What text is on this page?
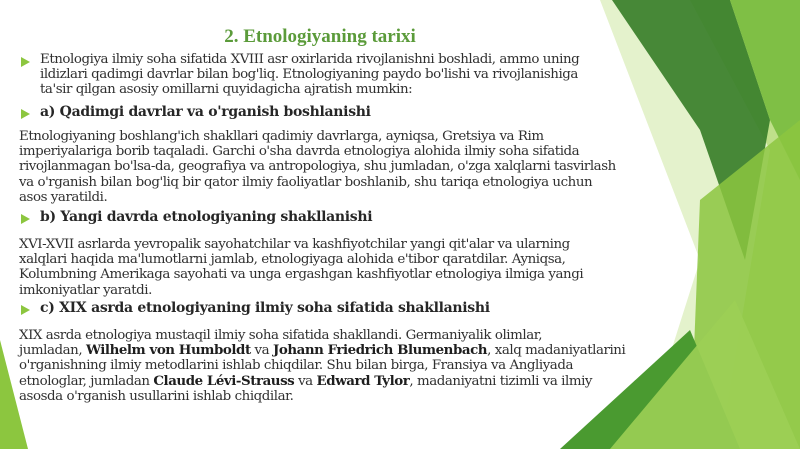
2. Etnologiyaning tarixi

Etnologiya ilmiy soha sifatida XVIII asr oxirlarida rivojlanishni boshladi, ammo uning
ildizlari qadimgi davrlar bilan bog'liq. Etnologiyaning paydo bo'lishi va rivojlanishiga
ta'sir qilgan asosiy omillarni quyidagicha ajratish mumkin:

a) Qadimgi davrlar va o'rganish boshlanishi

Etnologiyaning boshlang'ich shakllari qadimiy davrlarga, ayniqsa, Gretsiya va Rim
imperiyalariga borib taqaladi. Garchi o'sha davrda etnologiya alohida ilmiy soha sifatida
rivojlanmagan bo'lsa-da, geografiya va antropologiya, shu jumladan, o'zga xalqlarni tasvirlash
va o'rganish bilan bog'liq bir qator ilmiy faoliyatlar boshlanib, shu tariqa etnologiya uchun
asos yaratildi.

b) Yangi davrda etnologiyaning shakllanishi

XVI-XVII asrlarda yevropalik sayohatchilar va kashfiyotchilar yangi qit'alar va ularning
xalqlari haqida ma'lumotlarni jamlab, etnologiyaga alohida e'tibor qaratdilar. Ayniqsa,
Kolumbning Amerikaga sayohati va unga ergashgan kashfiyotlar etnologiya ilmiga yangi
imkoniyatlar yaratdi.

c) XIX asrda etnologiyaning ilmiy soha sifatida shakllanishi

XIX asrda etnologiya mustaqil ilmiy soha sifatida shakllandi. Germaniyalik olimlar,
jumladan, Wilhelm von Humboldt va Johann Friedrich Blumenbach, xalq madaniyatlarini
o'rganishning ilmiy metodlarini ishlab chiqdilar. Shu bilan birga, Fransiya va Angliyada
etnologlar, jumladan Claude Lévi-Strauss va Edward Tylor, madaniyatni tizimli va ilmiy
asosda o'rganish usullarini ishlab chiqdilar.
